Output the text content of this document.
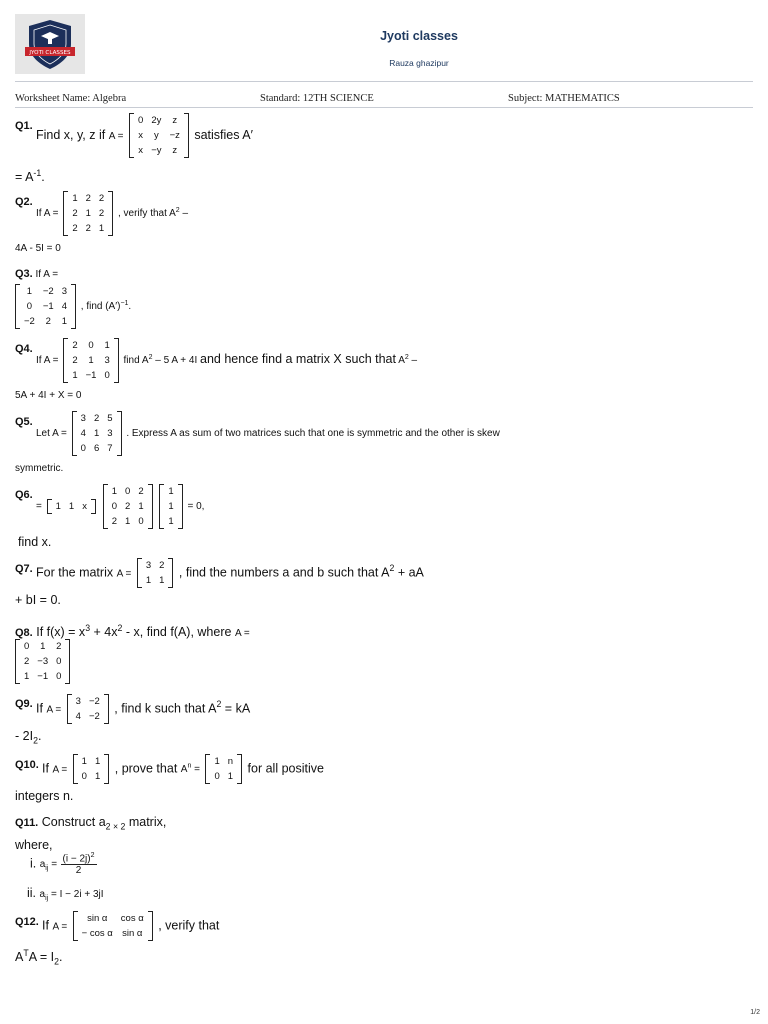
JYOTI CLASSES
Jyoti classes
Rauza ghazipur
Worksheet Name: Algebra	Standard: 12TH SCIENCE	Subject: MATHEMATICS
Q1.
Find x, y, z if A =
0	2y	z
x	y	−z
x	−y	z
satisfies A′
= $A^{-1}$.
Q2.
If A =
1	2	2
2	1	2
2	2	1
, verify that $A^2$ –
4A - 5I = 0
Q3. If A =
1	−2	3
0	−1	4
−2	2	1
, find $(A')^{-1}$.
Q4.
If A =
2	0	1
2	1	3
1	−1	0
find $A^2 - 5$ A + 4I and hence find a matrix X such that $A^2$ –
5A + 4I + X = 0
Q5.
Let A =
3	2	5
4	1	3
0	6	7
. Express A as sum of two matrices such that one is symmetric and the other is skew
symmetric.
Q6.
= 1	1	x

1	0	2
0	2	1
2	1	0

1
1
1
= 0,
find x.
Q7. For the matrix A =
3	2
1	1
, find the numbers a and b such that $A^2$ + aA
+ bI = 0.
Q8. If $f(x) = x^3 + 4x^2 - x$, find f(A), where A =
0	1	2
2	−3	0
1	−1	0
Q9. If A =
3	−2
4	−2
, find k such that $A^2$ = kA
- $2I_2$.
Q10. If A =
1	1
0	1
, prove that $A^n$ =
1	n
0	1
for all positive
integers n.
Q11. Construct $a_{2 \times 2}$ matrix,
where,
i. $a_{ij} = \frac{(i - 2j)^2}{2}$
ii. $a_{ij} = I - 2i + 3jI$
Q12. If A =
sin α	cos α
− cos α	sin α
, verify that
$A^TA = I_2$.
1/2
